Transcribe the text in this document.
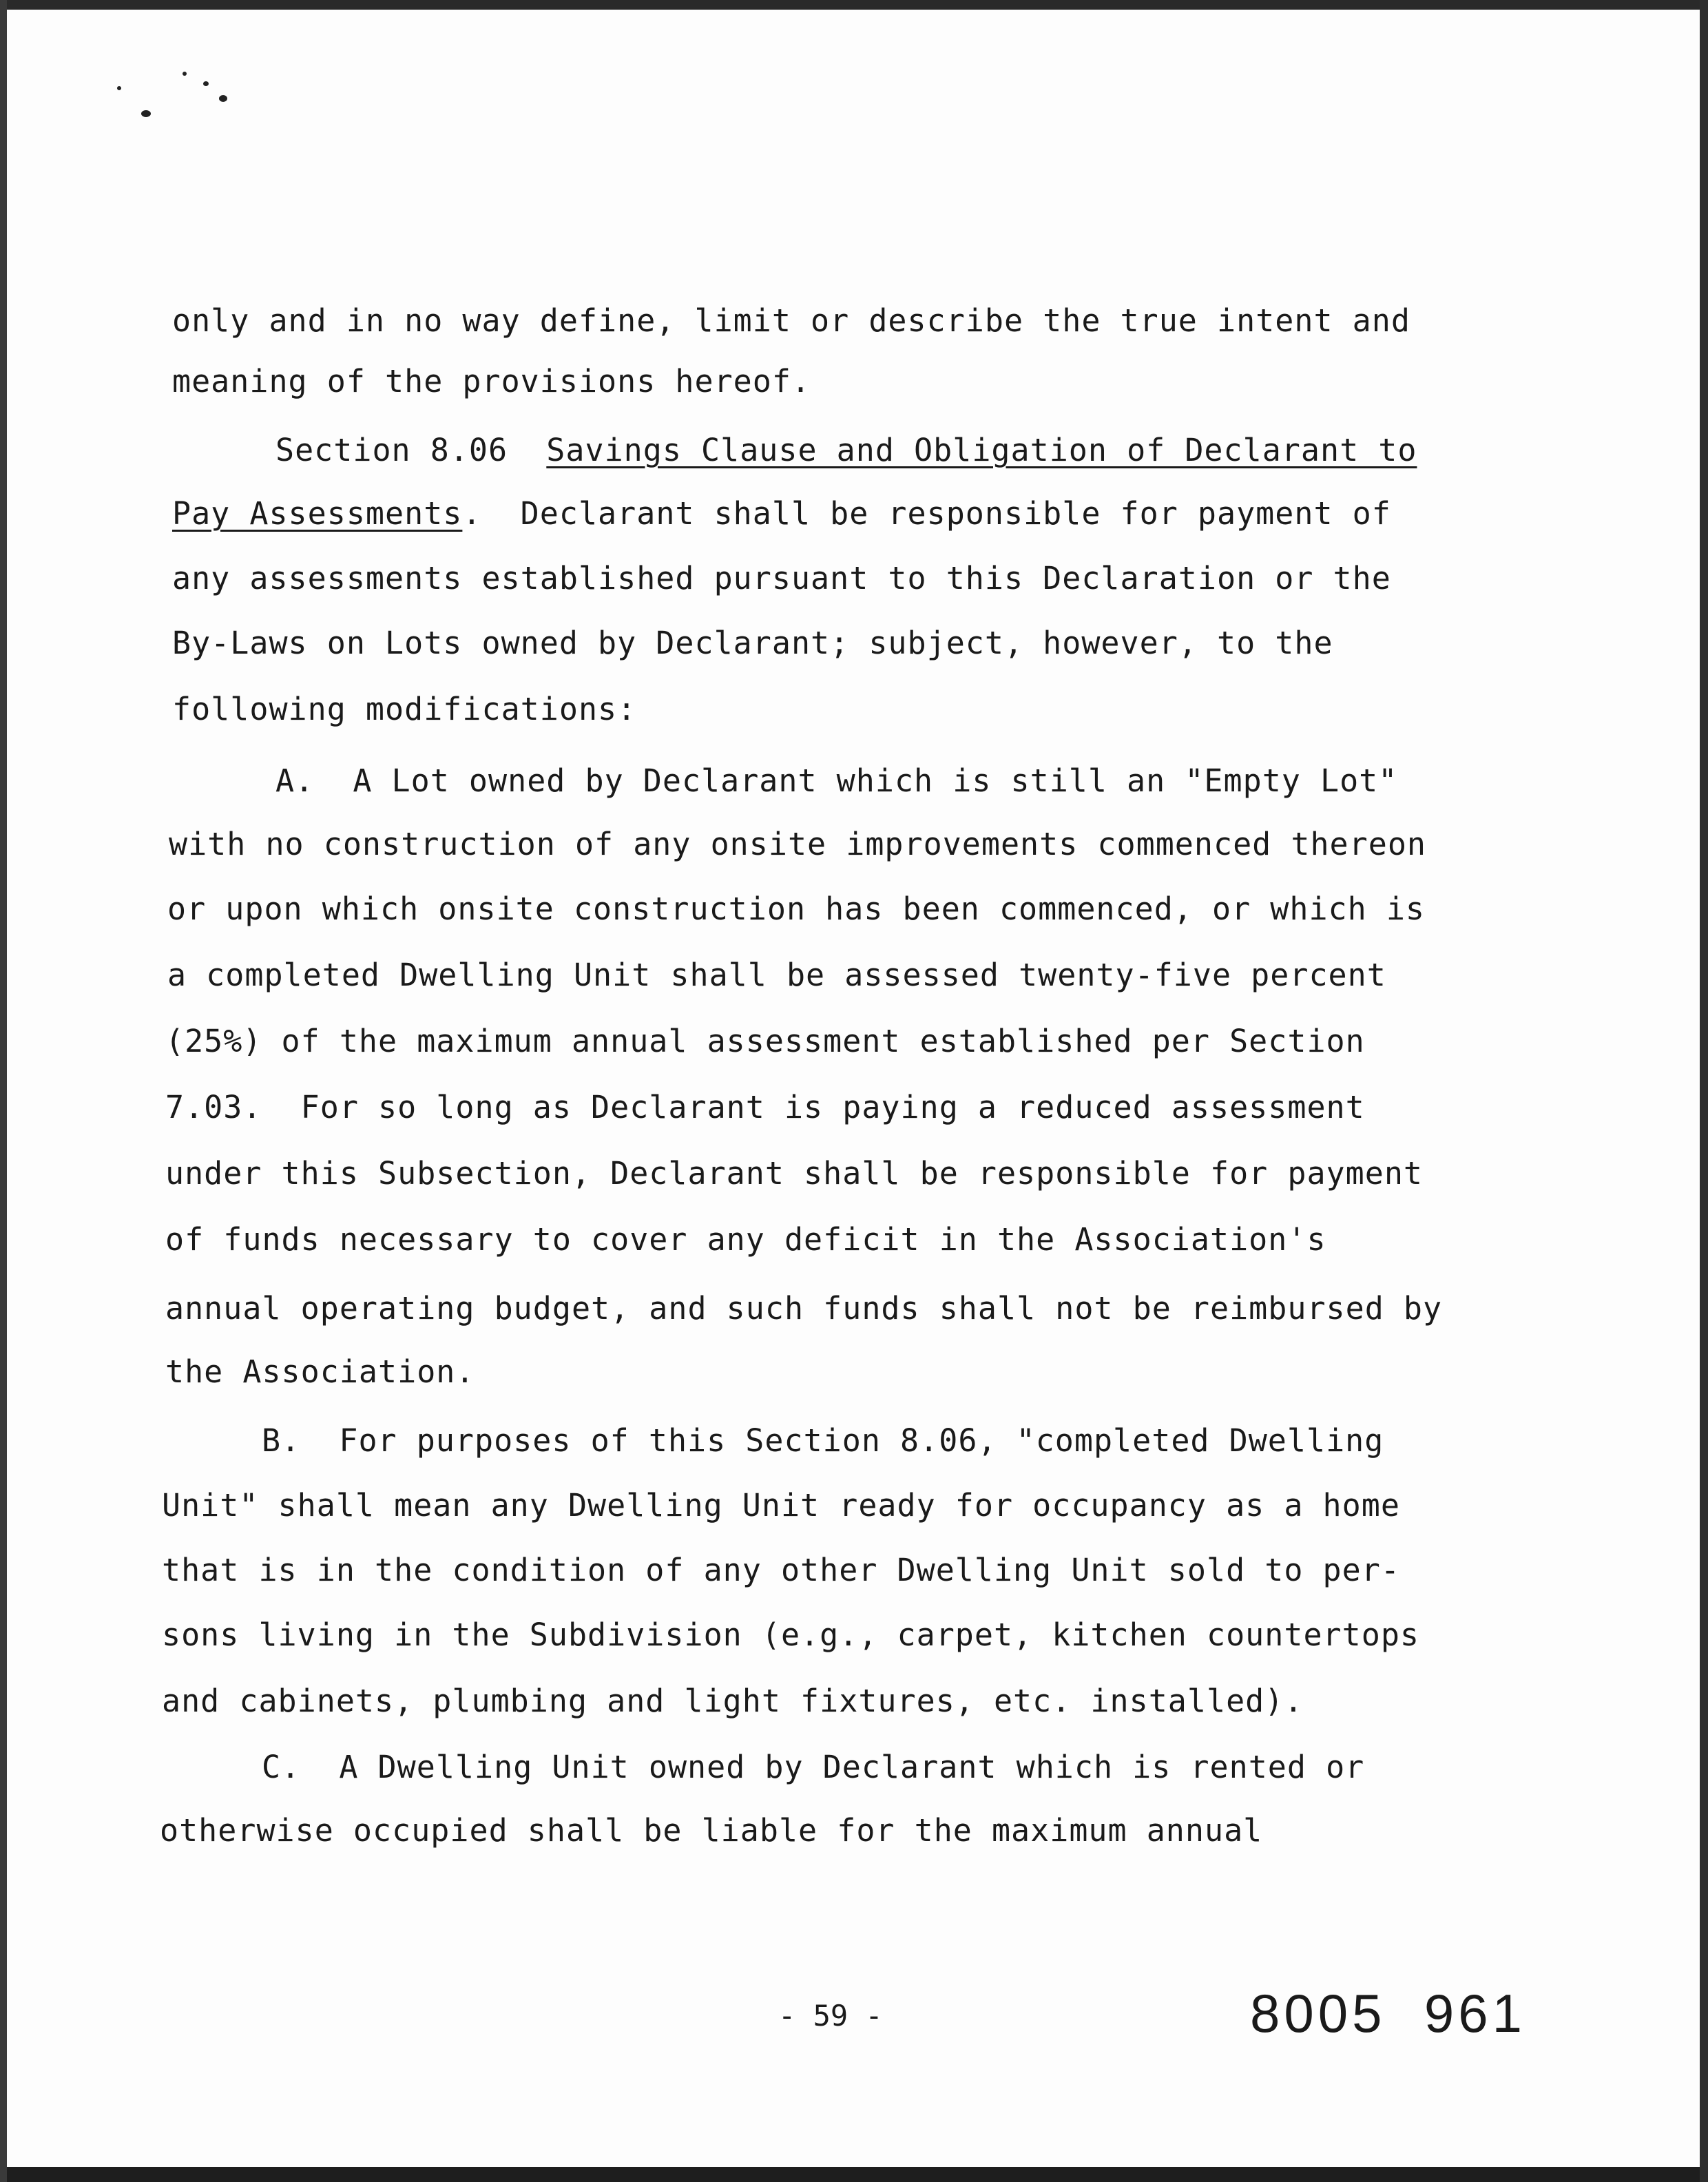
only and in no way define, limit or describe the true intent and
meaning of the provisions hereof.
Section 8.06 Savings Clause and Obligation of Declarant to
Pay Assessments.  Declarant shall be responsible for payment of
any assessments established pursuant to this Declaration or the
By-Laws on Lots owned by Declarant; subject, however, to the
following modifications:
A.  A Lot owned by Declarant which is still an "Empty Lot"
with no construction of any onsite improvements commenced thereon
or upon which onsite construction has been commenced, or which is
a completed Dwelling Unit shall be assessed twenty-five percent
(25%) of the maximum annual assessment established per Section
7.03.  For so long as Declarant is paying a reduced assessment
under this Subsection, Declarant shall be responsible for payment
of funds necessary to cover any deficit in the Association's
annual operating budget, and such funds shall not be reimbursed by
the Association.
B.  For purposes of this Section 8.06, "completed Dwelling
Unit" shall mean any Dwelling Unit ready for occupancy as a home
that is in the condition of any other Dwelling Unit sold to per-
sons living in the Subdivision (e.g., carpet, kitchen countertops
and cabinets, plumbing and light fixtures, etc. installed).
C.  A Dwelling Unit owned by Declarant which is rented or
otherwise occupied shall be liable for the maximum annual
- 59 -	8005  961
